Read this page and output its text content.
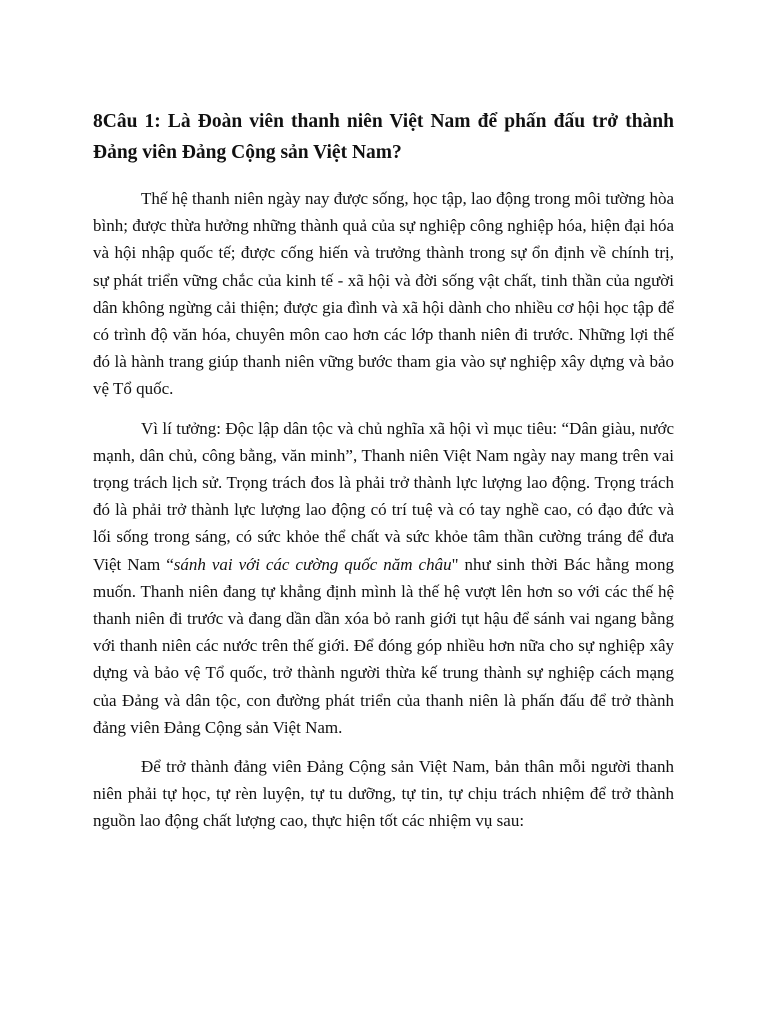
8Câu 1: Là Đoàn viên thanh niên Việt Nam để phấn đấu trở thành Đảng viên Đảng Cộng sản Việt Nam?

Thế hệ thanh niên ngày nay được sống, học tập, lao động trong môi tường hòa bình; được thừa hưởng những thành quả của sự nghiệp công nghiệp hóa, hiện đại hóa và hội nhập quốc tế; được cống hiến và trưởng thành trong sự ổn định về chính trị, sự phát triển vững chắc của kinh tế - xã hội và đời sống vật chất, tinh thần của người dân không ngừng cải thiện; được gia đình và xã hội dành cho nhiều cơ hội học tập để có trình độ văn hóa, chuyên môn cao hơn các lớp thanh niên đi trước. Những lợi thế đó là hành trang giúp thanh niên vững bước tham gia vào sự nghiệp xây dựng và bảo vệ Tổ quốc.

Vì lí tưởng: Độc lập dân tộc và chủ nghĩa xã hội vì mục tiêu: “Dân giàu, nước mạnh, dân chủ, công bằng, văn minh”, Thanh niên Việt Nam ngày nay mang trên vai trọng trách lịch sử. Trọng trách đos là phải trở thành lực lượng lao động. Trọng trách đó là phải trở thành lực lượng lao động có trí tuệ và có tay nghề cao, có đạo đức và lối sống trong sáng, có sức khỏe thể chất và sức khỏe tâm thần cường tráng để đưa Việt Nam “sánh vai với các cường quốc năm châu" như sinh thời Bác hằng mong muốn. Thanh niên đang tự khẳng định mình là thế hệ vượt lên hơn so với các thế hệ thanh niên đi trước và đang dần dần xóa bỏ ranh giới tụt hậu để sánh vai ngang bằng với thanh niên các nước trên thế giới. Để đóng góp nhiều hơn nữa cho sự nghiệp xây dựng và bảo vệ Tổ quốc, trở thành người thừa kế trung thành sự nghiệp cách mạng của Đảng và dân tộc, con đường phát triển của thanh niên là phấn đấu để trở thành đảng viên Đảng Cộng sản Việt Nam.

Để trở thành đảng viên Đảng Cộng sản Việt Nam, bản thân mỗi người thanh niên phải tự học, tự rèn luyện, tự tu dưỡng, tự tin, tự chịu trách nhiệm để trở thành nguồn lao động chất lượng cao, thực hiện tốt các nhiệm vụ sau:
